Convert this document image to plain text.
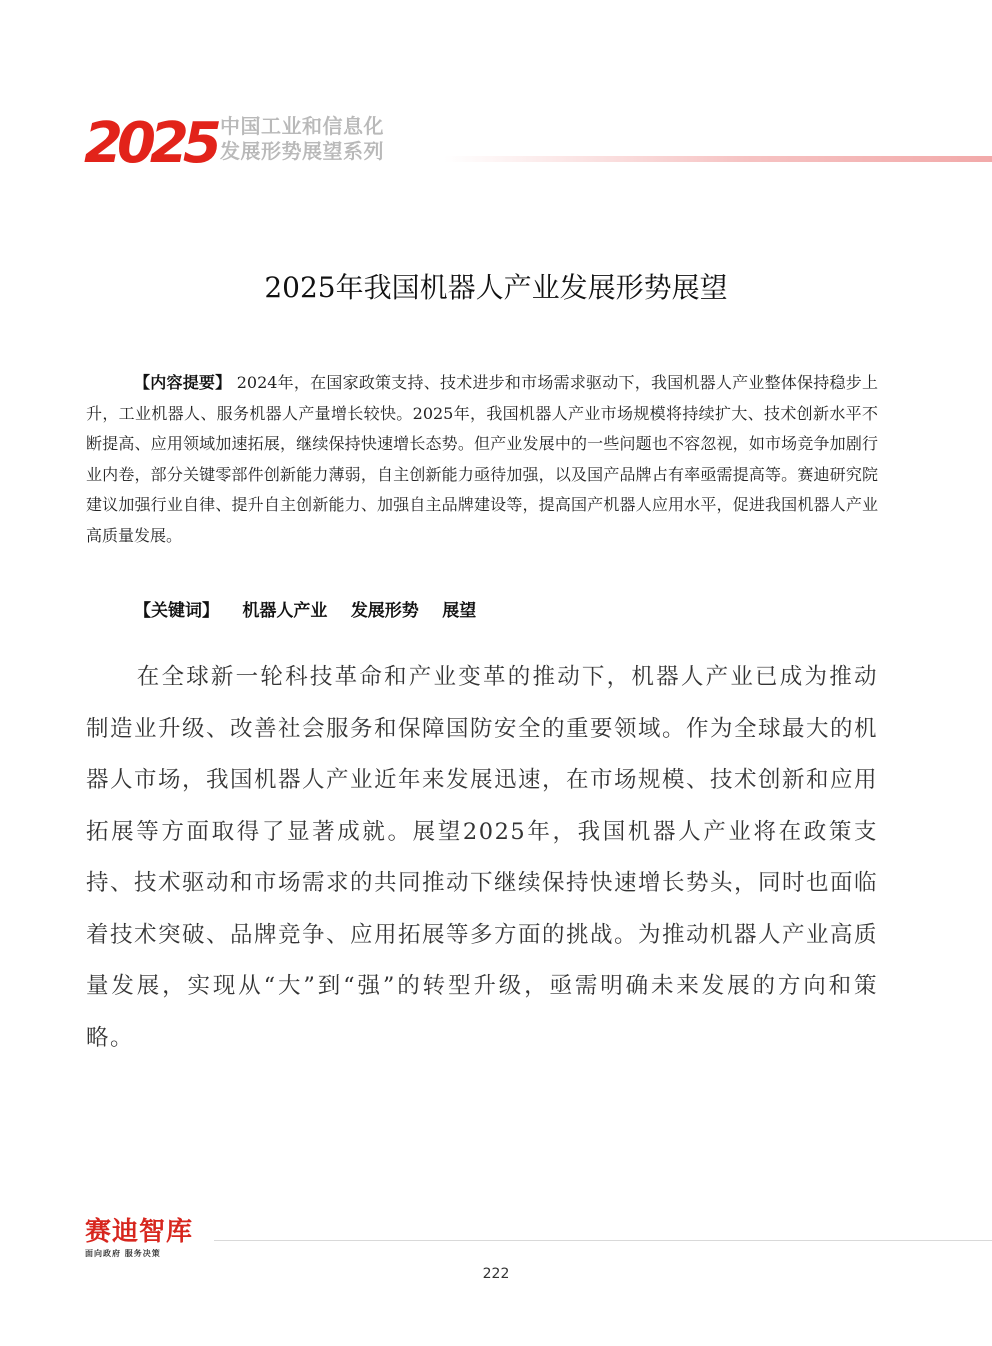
2025 中国工业和信息化
发展形势展望系列
2025年我国机器人产业发展形势展望
【内容提要】 2024年，在国家政策支持、技术进步和市场需求驱动下，我国机器人产业整体保持稳步上升，工业机器人、服务机器人产量增长较快。2025年，我国机器人产业市场规模将持续扩大、技术创新水平不断提高、应用领域加速拓展，继续保持快速增长态势。但产业发展中的一些问题也不容忽视，如市场竞争加剧行业内卷，部分关键零部件创新能力薄弱，自主创新能力亟待加强，以及国产品牌占有率亟需提高等。赛迪研究院建议加强行业自律、提升自主创新能力、加强自主品牌建设等，提高国产机器人应用水平，促进我国机器人产业高质量发展。
【关键词】 机器人产业 发展形势 展望
在全球新一轮科技革命和产业变革的推动下，机器人产业已成为推动制造业升级、改善社会服务和保障国防安全的重要领域。作为全球最大的机器人市场，我国机器人产业近年来发展迅速，在市场规模、技术创新和应用拓展等方面取得了显著成就。展望2025年，我国机器人产业将在政策支持、技术驱动和市场需求的共同推动下继续保持快速增长势头，同时也面临着技术突破、品牌竞争、应用拓展等多方面的挑战。为推动机器人产业高质量发展，实现从“大”到“强”的转型升级，亟需明确未来发展的方向和策略。
赛迪智库
面向政府 服务决策
222
